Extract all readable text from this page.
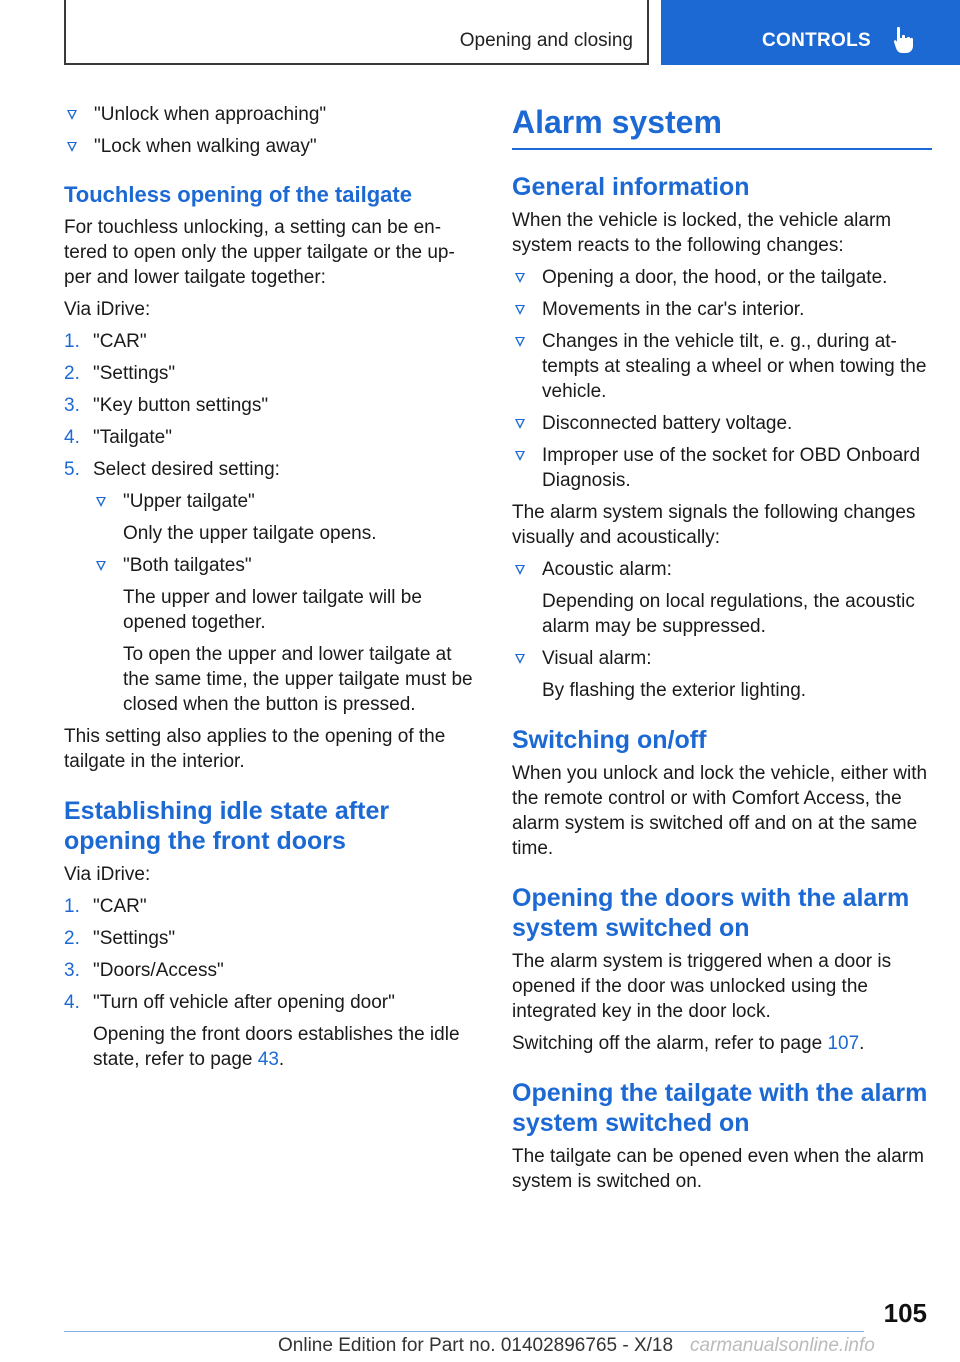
Opening and closing	CONTROLS
"Unlock when approaching"
"Lock when walking away"
Touchless opening of the tailgate

For touchless unlocking, a setting can be en‐tered to open only the upper tailgate or the up‐per and lower tailgate together:

Via iDrive:

1. "CAR"
2. "Settings"
3. "Key button settings"
4. "Tailgate"
5. Select desired setting:
"Upper tailgate"
Only the upper tailgate opens.
"Both tailgates"
The upper and lower tailgate will be opened together.
To open the upper and lower tailgate at the same time, the upper tailgate must be closed when the button is pressed.

This setting also applies to the opening of the tailgate in the interior.

Establishing idle state after opening the front doors

Via iDrive:

1. "CAR"
2. "Settings"
3. "Doors/Access"
4. "Turn off vehicle after opening door"
Opening the front doors establishes the idle state, refer to page 43.
Alarm system
General information

When the vehicle is locked, the vehicle alarm system reacts to the following changes:

Opening a door, the hood, or the tailgate.
Movements in the car's interior.
Changes in the vehicle tilt, e. g., during at‐tempts at stealing a wheel or when towing the vehicle.
Disconnected battery voltage.
Improper use of the socket for OBD Onboard Diagnosis.

The alarm system signals the following changes visually and acoustically:

Acoustic alarm:
Depending on local regulations, the acoustic alarm may be suppressed.
Visual alarm:
By flashing the exterior lighting.
Switching on/off

When you unlock and lock the vehicle, either with the remote control or with Comfort Access, the alarm system is switched off and on at the same time.

Opening the doors with the alarm system switched on

The alarm system is triggered when a door is opened if the door was unlocked using the integrated key in the door lock.

Switching off the alarm, refer to page 107.

Opening the tailgate with the alarm system switched on

The tailgate can be opened even when the alarm system is switched on.

105
Online Edition for Part no. 01402896765 - X/18 carmanualsonline.info
